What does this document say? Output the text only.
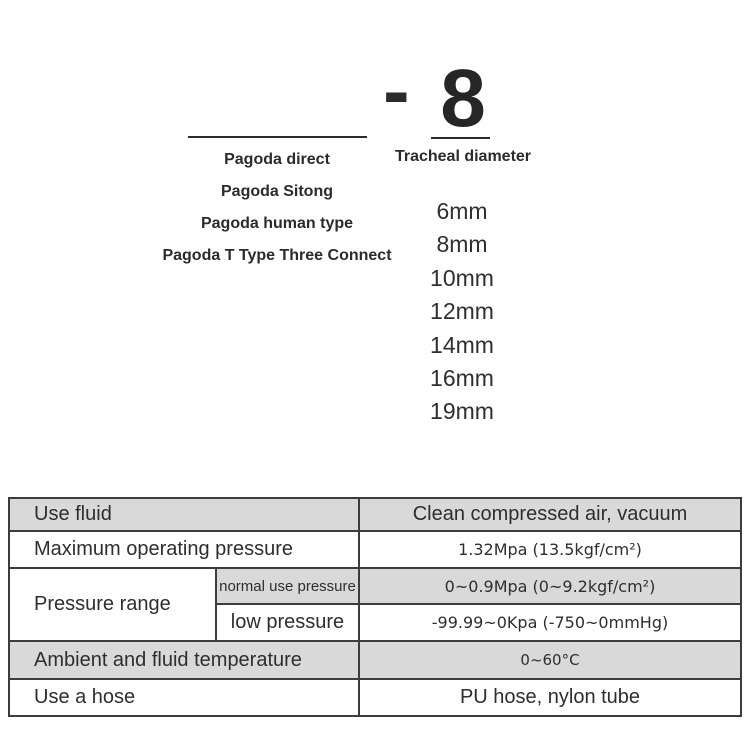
- 8
Tracheal diameter
Pagoda direct
Pagoda Sitong
Pagoda human type
Pagoda T Type Three Connect
6mm
8mm
10mm
12mm
14mm
16mm
19mm
Use fluid		Clean compressed air, vacuum
Maximum operating pressure		1.32Mpa (13.5kgf/cm²)
Pressure range	normal use pressure	0~0.9Mpa (0~9.2kgf/cm²)
	low pressure	-99.99~0Kpa (-750~0mmHg)
Ambient and fluid temperature		0~60°C
Use a hose		PU hose, nylon tube
